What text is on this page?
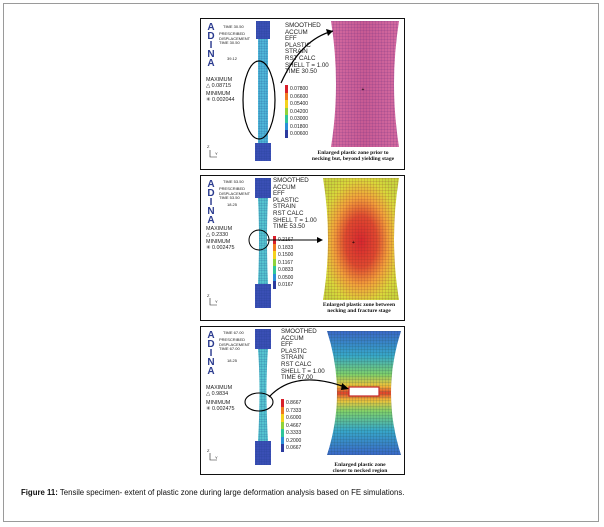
A
D
I
N
A
TIME 30.50
PRESCRIBED
DISPLACEMENT
TIME 30.50
39.12
MAXIMUM
△ 0.08715
MINIMUM
✳ 0.002044
SMOOTHED
ACCUM
EFF
PLASTIC
STRAIN
RST CALC
SHELL T = 1.00
TIME 30.50
0.07800
0.06600
0.05400
0.04200
0.03000
0.01800
0.00600
+
Z
Y	Enlarged plastic zone prior to
necking but, beyond yielding stage
A
D
I
N
A
TIME 53.50
PRESCRIBED
DISPLACEMENT
TIME 53.50
18.25
MAXIMUM
△ 0.2330
MINIMUM
✳ 0.002475
SMOOTHED
ACCUM
EFF
PLASTIC
STRAIN
RST CALC
SHELL T = 1.00
TIME 53.50
0.2167
0.1833
0.1500
0.1167
0.0833
0.0500
0.0167
+
Z
Y
Enlarged plastic zone between
necking and fracture stage
A
D
I
N
A
TIME 67.00
PRESCRIBED
DISPLACEMENT
TIME 67.00
18.25
MAXIMUM
△ 0.9834
MINIMUM
✳ 0.002475
SMOOTHED
ACCUM
EFF
PLASTIC
STRAIN
RST CALC
SHELL T = 1.00
TIME 67.00
0.8667
0.7333
0.6000
0.4667
0.3333
0.2000
0.0667
Z
Y
Enlarged plastic zone
closer to necked region
Figure 11: Tensile specimen- extent of plastic zone during large deformation analysis based on FE simulations.
